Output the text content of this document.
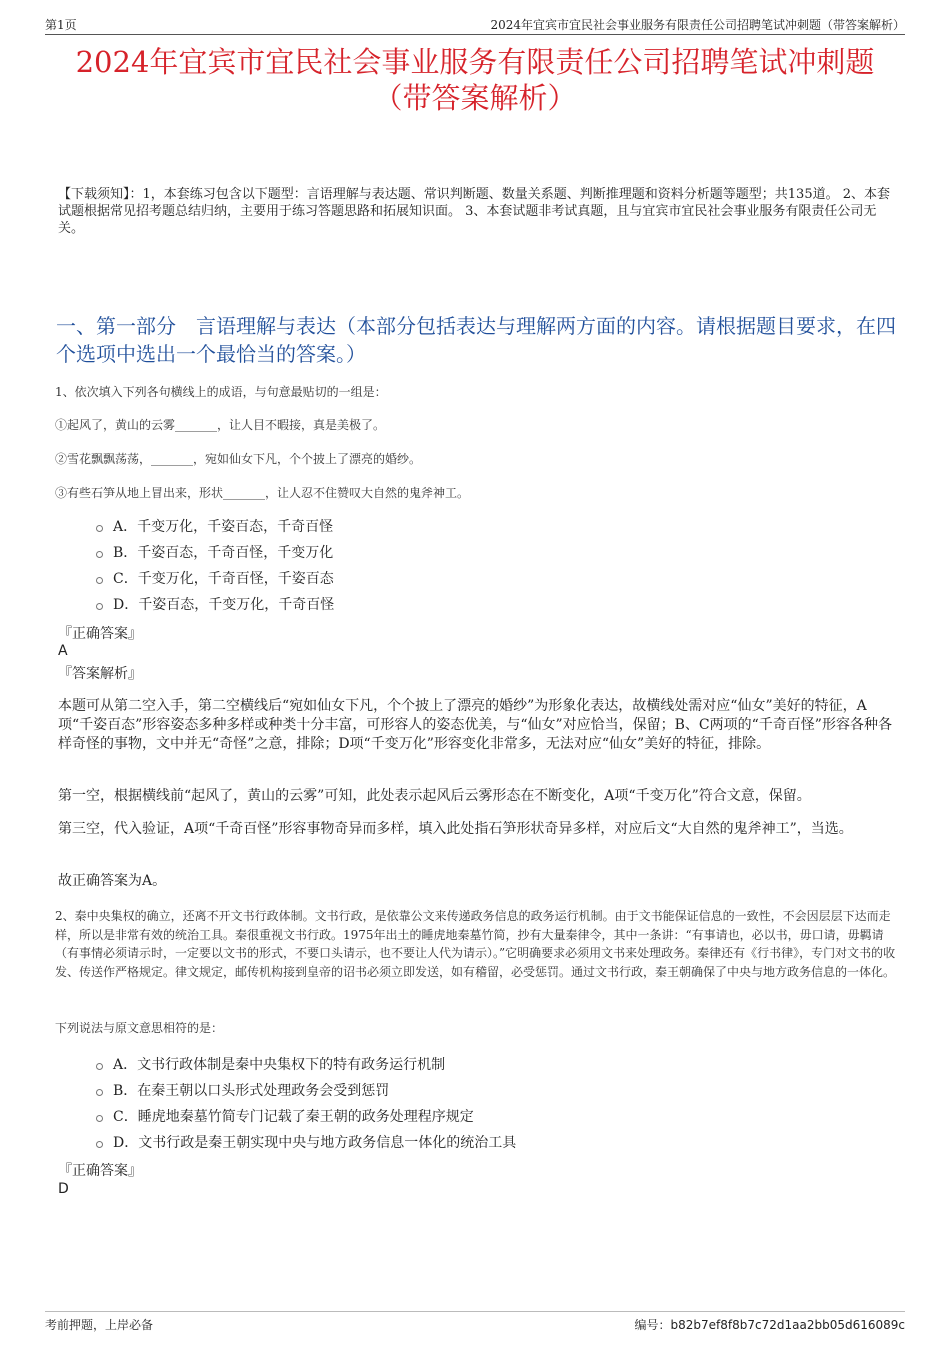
第1页	2024年宜宾市宜民社会事业服务有限责任公司招聘笔试冲刺题（带答案解析）
2024年宜宾市宜民社会事业服务有限责任公司招聘笔试冲刺题
（带答案解析）
【下载须知】：1，本套练习包含以下题型：言语理解与表达题、常识判断题、数量关系题、判断推理题和资料分析题等题型；共135道。 2、本套试题根据常见招考题总结归纳，主要用于练习答题思路和拓展知识面。 3、本套试题非考试真题，且与宜宾市宜民社会事业服务有限责任公司无关。
一、第一部分　言语理解与表达（本部分包括表达与理解两方面的内容。请根据题目要求，在四个选项中选出一个最恰当的答案。）
1、依次填入下列各句横线上的成语，与句意最贴切的一组是：
①起风了，黄山的云雾_______，让人目不暇接，真是美极了。
②雪花飘飘荡荡，_______，宛如仙女下凡，个个披上了漂亮的婚纱。
③有些石笋从地上冒出来，形状_______，让人忍不住赞叹大自然的鬼斧神工。
A．千变万化，千姿百态，千奇百怪
B．千姿百态，千奇百怪，千变万化
C．千变万化，千奇百怪，千姿百态
D．千姿百态，千变万化，千奇百怪
『正确答案』
A
『答案解析』
本题可从第二空入手，第二空横线后“宛如仙女下凡，个个披上了漂亮的婚纱”为形象化表达，故横线处需对应“仙女”美好的特征，A项“千姿百态”形容姿态多种多样或种类十分丰富，可形容人的姿态优美，与“仙女”对应恰当，保留；B、C两项的“千奇百怪”形容各种各样奇怪的事物，文中并无“奇怪”之意，排除；D项“千变万化”形容变化非常多，无法对应“仙女”美好的特征，排除。
第一空，根据横线前“起风了，黄山的云雾”可知，此处表示起风后云雾形态在不断变化，A项“千变万化”符合文意，保留。
第三空，代入验证，A项“千奇百怪”形容事物奇异而多样，填入此处指石笋形状奇异多样，对应后文“大自然的鬼斧神工”，当选。
故正确答案为A。
2、秦中央集权的确立，还离不开文书行政体制。文书行政，是依靠公文来传递政务信息的政务运行机制。由于文书能保证信息的一致性，不会因层层下达而走样，所以是非常有效的统治工具。秦很重视文书行政。1975年出土的睡虎地秦墓竹简，抄有大量秦律令，其中一条讲：“有事请也，必以书，毋口请，毋羁请（有事情必须请示时，一定要以文书的形式，不要口头请示，也不要让人代为请示）。”它明确要求必须用文书来处理政务。秦律还有《行书律》，专门对文书的收发、传送作严格规定。律文规定，邮传机构接到皇帝的诏书必须立即发送，如有稽留，必受惩罚。通过文书行政，秦王朝确保了中央与地方政务信息的一体化。
下列说法与原文意思相符的是：
A．文书行政体制是秦中央集权下的特有政务运行机制
B．在秦王朝以口头形式处理政务会受到惩罚
C．睡虎地秦墓竹简专门记载了秦王朝的政务处理程序规定
D．文书行政是秦王朝实现中央与地方政务信息一体化的统治工具
『正确答案』
D
考前押题，上岸必备	编号：b82b7ef8f8b7c72d1aa2bb05d616089c
